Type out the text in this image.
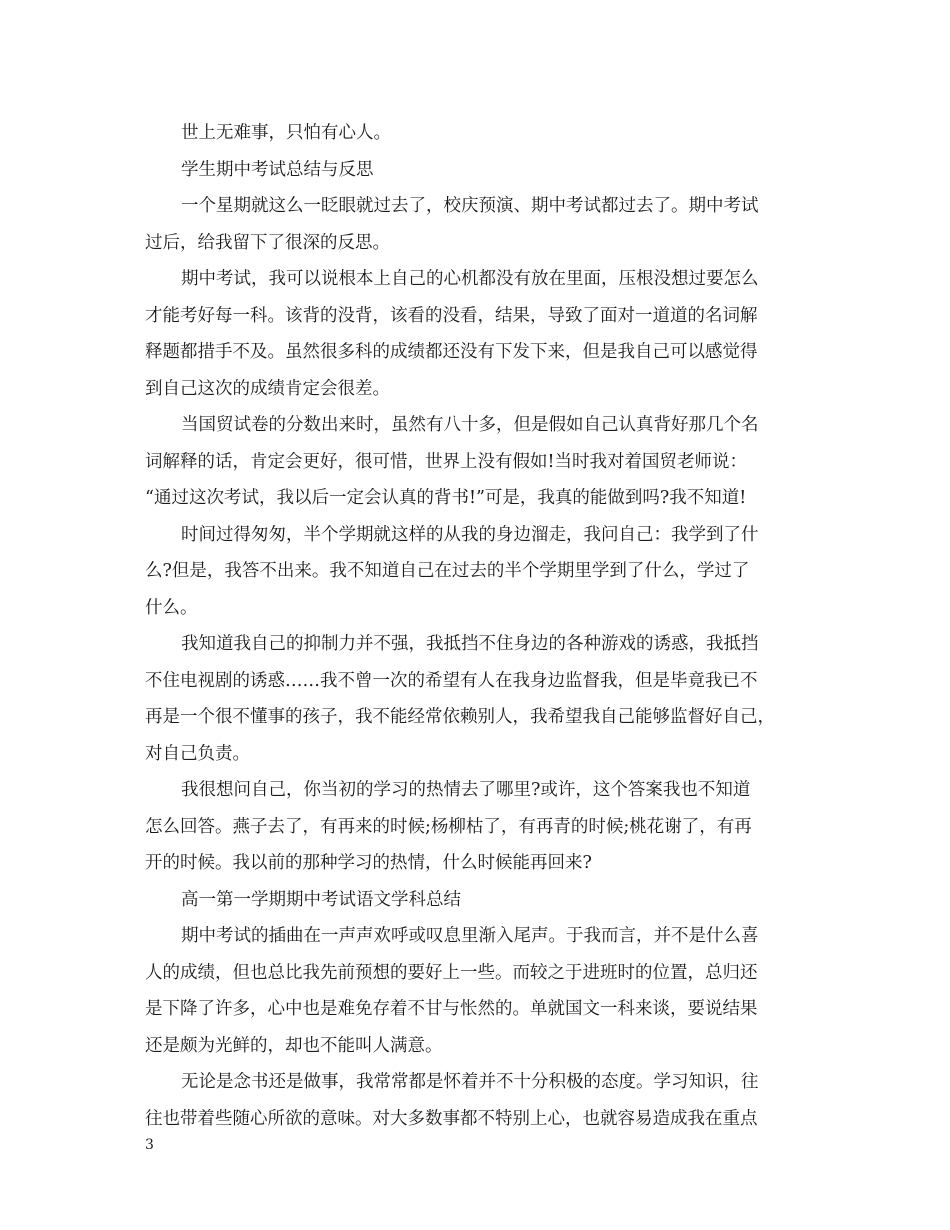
世上无难事，只怕有心人。
学生期中考试总结与反思
一个星期就这么一眨眼就过去了，校庆预演、期中考试都过去了。期中考试
过后，给我留下了很深的反思。
期中考试，我可以说根本上自己的心机都没有放在里面，压根没想过要怎么
才能考好每一科。该背的没背，该看的没看，结果，导致了面对一道道的名词解
释题都措手不及。虽然很多科的成绩都还没有下发下来，但是我自己可以感觉得
到自己这次的成绩肯定会很差。
当国贸试卷的分数出来时，虽然有八十多，但是假如自己认真背好那几个名
词解释的话，肯定会更好，很可惜，世界上没有假如!当时我对着国贸老师说：
“通过这次考试，我以后一定会认真的背书!”可是，我真的能做到吗?我不知道!
时间过得匆匆，半个学期就这样的从我的身边溜走，我问自己：我学到了什
么?但是，我答不出来。我不知道自己在过去的半个学期里学到了什么，学过了
什么。
我知道我自己的抑制力并不强，我抵挡不住身边的各种游戏的诱惑，我抵挡
不住电视剧的诱惑……我不曾一次的希望有人在我身边监督我，但是毕竟我已不
再是一个很不懂事的孩子，我不能经常依赖别人，我希望我自己能够监督好自己，
对自己负责。
我很想问自己，你当初的学习的热情去了哪里?或许，这个答案我也不知道
怎么回答。燕子去了，有再来的时候;杨柳枯了，有再青的时候;桃花谢了，有再
开的时候。我以前的那种学习的热情，什么时候能再回来?
高一第一学期期中考试语文学科总结
期中考试的插曲在一声声欢呼或叹息里渐入尾声。于我而言，并不是什么喜
人的成绩，但也总比我先前预想的要好上一些。而较之于进班时的位置，总归还
是下降了许多，心中也是难免存着不甘与怅然的。单就国文一科来谈，要说结果
还是颇为光鲜的，却也不能叫人满意。
无论是念书还是做事，我常常都是怀着并不十分积极的态度。学习知识，往
往也带着些随心所欲的意味。对大多数事都不特别上心，也就容易造成我在重点
3
